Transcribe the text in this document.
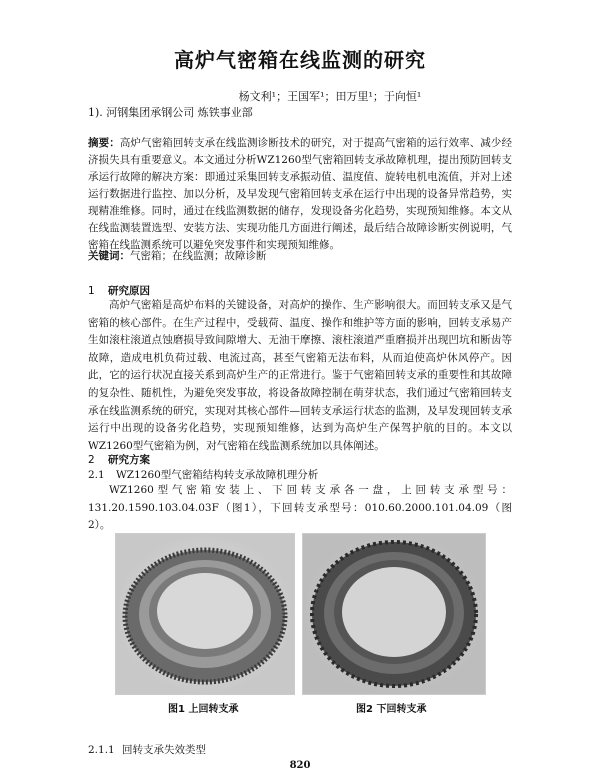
高炉气密箱在线监测的研究
杨文利¹；王国军¹；田万里¹；于向恒¹
1). 河钢集团承钢公司 炼铁事业部
摘要：高炉气密箱回转支承在线监测诊断技术的研究，对于提高气密箱的运行效率、减少经济损失具有重要意义。本文通过分析WZ1260型气密箱回转支承故障机理，提出预防回转支承运行故障的解决方案：即通过采集回转支承振动值、温度值、旋转电机电流值，并对上述运行数据进行监控、加以分析，及早发现气密箱回转支承在运行中出现的设备异常趋势，实现精准维修。同时，通过在线监测数据的储存，发现设备劣化趋势，实现预知维修。本文从在线监测装置选型、安装方法、实现功能几方面进行阐述，最后结合故障诊断实例说明，气密箱在线监测系统可以避免突发事件和实现预知维修。
关键词：气密箱；在线监测；故障诊断
1 研究原因
高炉气密箱是高炉布料的关键设备，对高炉的操作、生产影响很大。而回转支承又是气密箱的核心部件。在生产过程中，受载荷、温度、操作和维护等方面的影响，回转支承易产生如滚柱滚道点蚀磨损导致间隙增大、无油干摩擦、滚柱滚道严重磨损并出现凹坑和断齿等故障，造成电机负荷过载、电流过高，甚至气密箱无法布料，从而迫使高炉休风停产。因此，它的运行状况直接关系到高炉生产的正常进行。鉴于气密箱回转支承的重要性和其故障的复杂性、随机性，为避免突发事故，将设备故障控制在萌芽状态，我们通过气密箱回转支承在线监测系统的研究，实现对其核心部件—回转支承运行状态的监测，及早发现回转支承运行中出现的设备劣化趋势，实现预知维修，达到为高炉生产保驾护航的目的。本文以WZ1260型气密箱为例，对气密箱在线监测系统加以具体阐述。
2 研究方案
2.1 WZ1260型气密箱结构转支承故障机理分析
WZ1260型气密箱安装上、下回转支承各一盘，上回转支承型号：131.20.1590.103.04.03F（图1），下回转支承型号：010.60.2000.101.04.09（图2）。
图1 上回转支承	图2 下回转支承
2.1.1 回转支承失效类型
820
